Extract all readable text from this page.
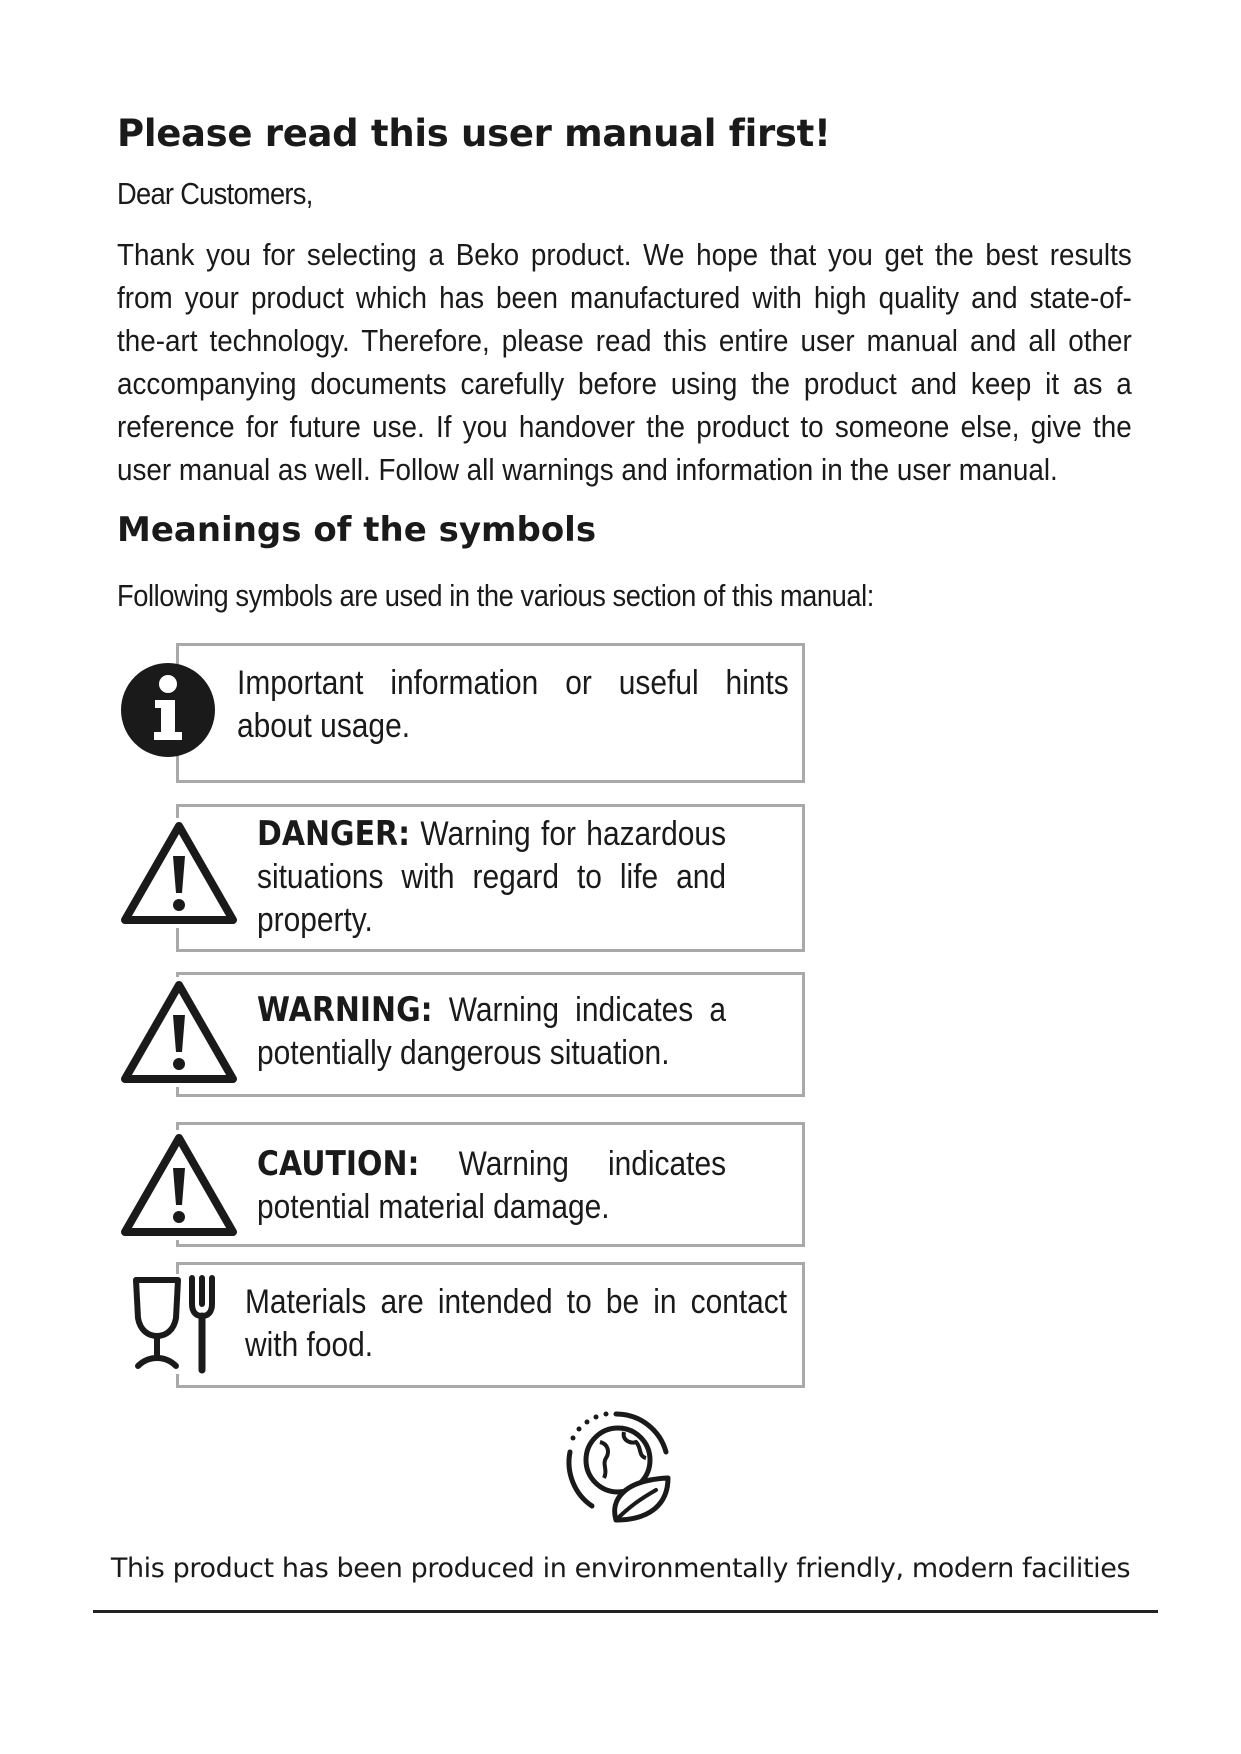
Please read this user manual first!

Dear Customers,

Thank you for selecting a Beko product. We hope that you get the best results from your product which has been manufactured with high quality and state-of-the-art technology. Therefore, please read this entire user manual and all other accompanying documents carefully before using the product and keep it as a reference for future use. If you handover the product to someone else, give the user manual as well. Follow all warnings and information in the user manual.

Meanings of the symbols

Following symbols are used in the various section of this manual:

Important information or useful hints about usage.

DANGER: Warning for hazardous situations with regard to life and property.

WARNING: Warning indicates a potentially dangerous situation.

CAUTION: Warning indicates potential material damage.

Materials are intended to be in contact with food.

This product has been produced in environmentally friendly, modern facilities
